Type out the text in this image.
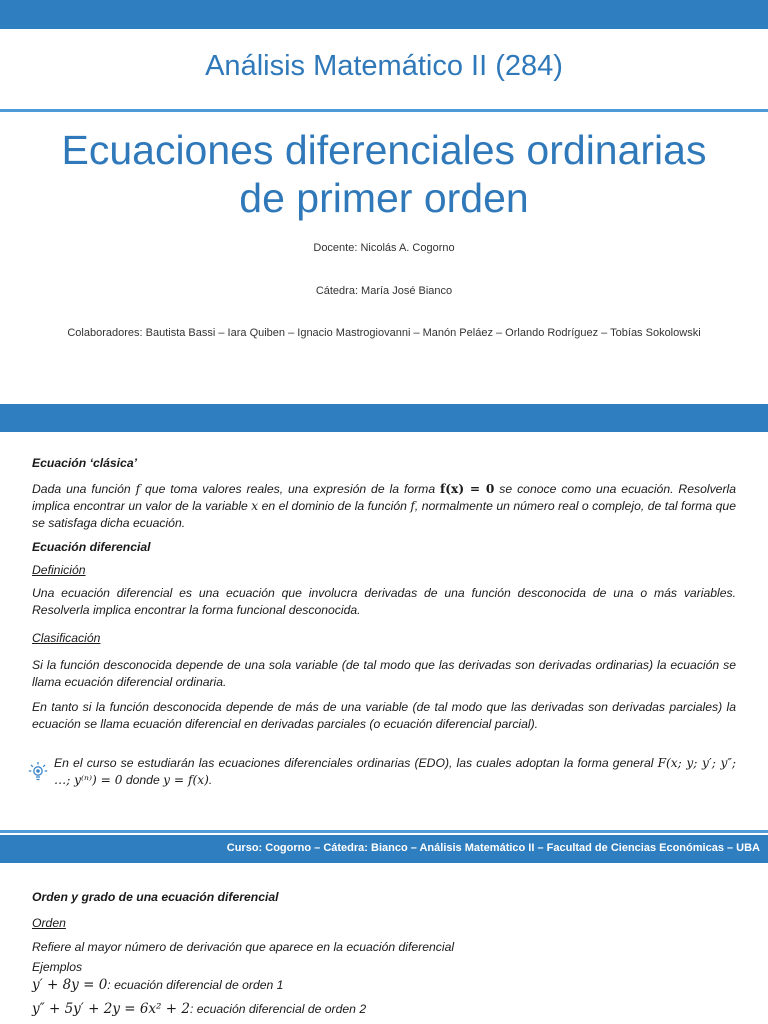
Análisis Matemático II (284)
Ecuaciones diferenciales ordinarias
de primer orden
Docente: Nicolás A. Cogorno
Cátedra: María José Bianco
Colaboradores: Bautista Bassi – Iara Quiben – Ignacio Mastrogiovanni – Manón Peláez – Orlando Rodríguez – Tobías Sokolowski
Ecuación ‘clásica’
Dada una función f que toma valores reales, una expresión de la forma f(x) = 0 se conoce como una ecuación. Resolverla implica encontrar un valor de la variable x en el dominio de la función f, normalmente un número real o complejo, de tal forma que se satisfaga dicha ecuación.
Ecuación diferencial
Definición
Una ecuación diferencial es una ecuación que involucra derivadas de una función desconocida de una o más variables. Resolverla implica encontrar la forma funcional desconocida.
Clasificación
Si la función desconocida depende de una sola variable (de tal modo que las derivadas son derivadas ordinarias) la ecuación se llama ecuación diferencial ordinaria.
En tanto si la función desconocida depende de más de una variable (de tal modo que las derivadas son derivadas parciales) la ecuación se llama ecuación diferencial en derivadas parciales (o ecuación diferencial parcial).
En el curso se estudiarán las ecuaciones diferenciales ordinarias (EDO), las cuales adoptan la forma general F(x; y; y′; y″; …; y⁽ⁿ⁾) = 0 donde y = f(x).
Curso: Cogorno – Cátedra: Bianco – Análisis Matemático II – Facultad de Ciencias Económicas – UBA
Orden y grado de una ecuación diferencial
Orden
Refiere al mayor número de derivación que aparece en la ecuación diferencial
Ejemplos
y′ + 8y = 0: ecuación diferencial de orden 1
y″ + 5y′ + 2y = 6x² + 2: ecuación diferencial de orden 2
